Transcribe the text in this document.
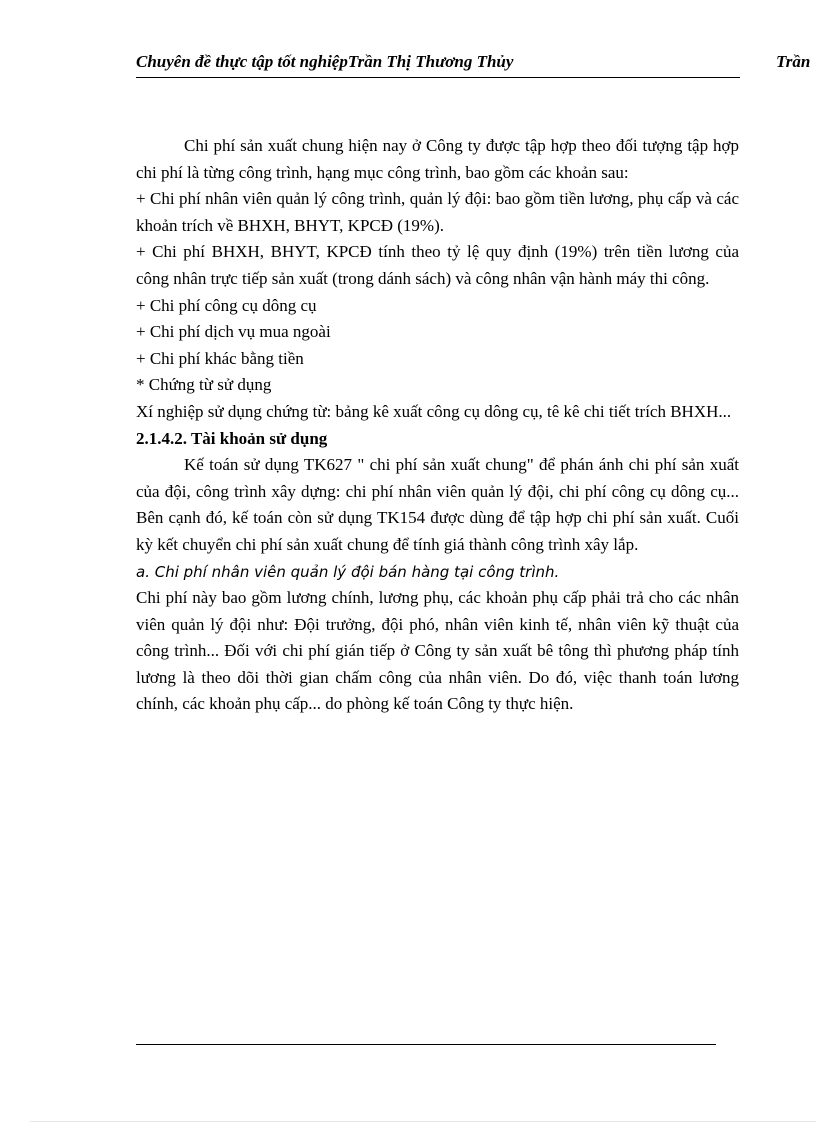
Chuyên đề thực tập tốt nghiệpTrần Thị Thương Thủy	Trần

Chi phí sản xuất chung hiện nay ở Công ty được tập hợp theo đối tượng tập hợp chi phí là từng công trình, hạng mục công trình, bao gồm các khoản sau:

+ Chi phí nhân viên quản lý công trình, quản lý đội: bao gồm tiền lương, phụ cấp và các khoản trích về BHXH, BHYT, KPCĐ (19%).

+ Chi phí BHXH, BHYT, KPCĐ tính theo tỷ lệ quy định (19%) trên tiền lương của công nhân trực tiếp sản xuất (trong dánh sách) và công nhân vận hành máy thi công.

+ Chi phí công cụ dông cụ

+ Chi phí dịch vụ mua ngoài

+ Chi phí khác bằng tiền

* Chứng từ sử dụng

Xí nghiệp sử dụng chứng từ: bảng kê xuất công cụ dông cụ, tê kê chi tiết trích BHXH...

2.1.4.2. Tài khoản sử dụng

Kế toán sử dụng TK627 " chi phí sản xuất chung" để phán ánh chi phí sản xuất của đội, công trình xây dựng: chi phí nhân viên quản lý đội, chi phí công cụ dông cụ... Bên cạnh đó, kế toán còn sử dụng TK154 được dùng để tập hợp chi phí sản xuất. Cuối kỳ kết chuyển chi phí sản xuất chung để tính giá thành công trình xây lắp.

a. Chi phí nhân viên quản lý đội bán hàng tại công trình.

Chi phí này bao gồm lương chính, lương phụ, các khoản phụ cấp phải trả cho các nhân viên quản lý đội như: Đội trưởng, đội phó, nhân viên kinh tế, nhân viên kỹ thuật của công trình... Đối với chi phí gián tiếp ở Công ty sản xuất bê tông thì phương pháp tính lương là theo dõi thời gian chấm công của nhân viên. Do đó, việc thanh toán lương chính, các khoản phụ cấp... do phòng kế toán Công ty thực hiện.
